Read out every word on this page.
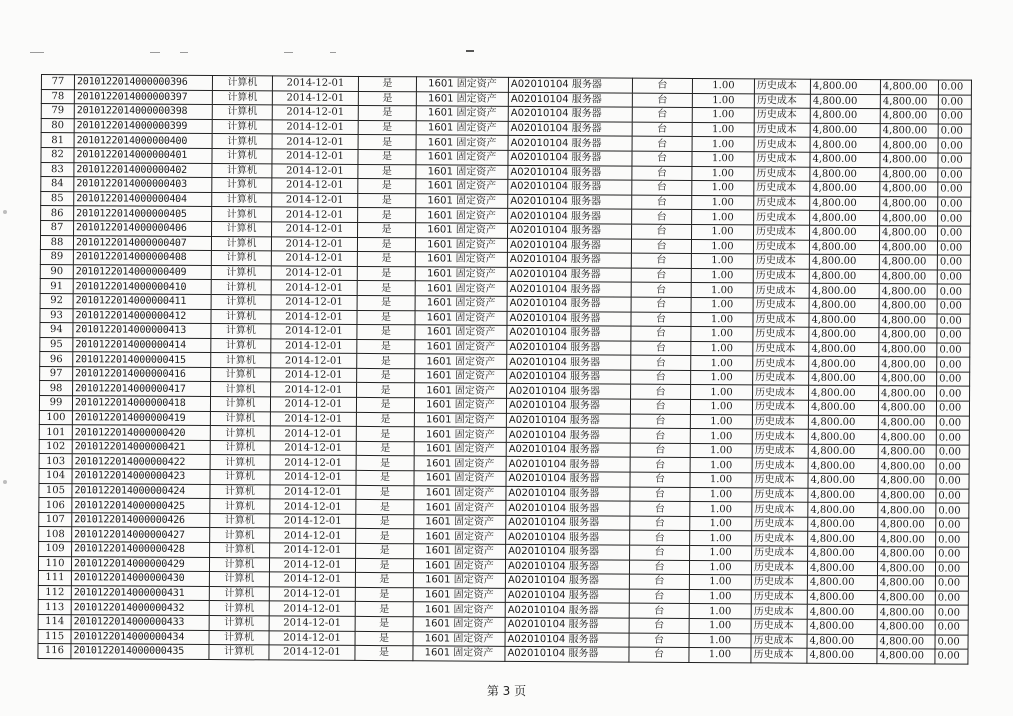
77	2010122014000000396	计算机	2014-12-01	是	1601 固定资产	A02010104 服务器	台	1.00	历史成本	4,800.00	4,800.00	0.00
78	2010122014000000397	计算机	2014-12-01	是	1601 固定资产	A02010104 服务器	台	1.00	历史成本	4,800.00	4,800.00	0.00
79	2010122014000000398	计算机	2014-12-01	是	1601 固定资产	A02010104 服务器	台	1.00	历史成本	4,800.00	4,800.00	0.00
80	2010122014000000399	计算机	2014-12-01	是	1601 固定资产	A02010104 服务器	台	1.00	历史成本	4,800.00	4,800.00	0.00
81	2010122014000000400	计算机	2014-12-01	是	1601 固定资产	A02010104 服务器	台	1.00	历史成本	4,800.00	4,800.00	0.00
82	2010122014000000401	计算机	2014-12-01	是	1601 固定资产	A02010104 服务器	台	1.00	历史成本	4,800.00	4,800.00	0.00
83	2010122014000000402	计算机	2014-12-01	是	1601 固定资产	A02010104 服务器	台	1.00	历史成本	4,800.00	4,800.00	0.00
84	2010122014000000403	计算机	2014-12-01	是	1601 固定资产	A02010104 服务器	台	1.00	历史成本	4,800.00	4,800.00	0.00
85	2010122014000000404	计算机	2014-12-01	是	1601 固定资产	A02010104 服务器	台	1.00	历史成本	4,800.00	4,800.00	0.00
86	2010122014000000405	计算机	2014-12-01	是	1601 固定资产	A02010104 服务器	台	1.00	历史成本	4,800.00	4,800.00	0.00
87	2010122014000000406	计算机	2014-12-01	是	1601 固定资产	A02010104 服务器	台	1.00	历史成本	4,800.00	4,800.00	0.00
88	2010122014000000407	计算机	2014-12-01	是	1601 固定资产	A02010104 服务器	台	1.00	历史成本	4,800.00	4,800.00	0.00
89	2010122014000000408	计算机	2014-12-01	是	1601 固定资产	A02010104 服务器	台	1.00	历史成本	4,800.00	4,800.00	0.00
90	2010122014000000409	计算机	2014-12-01	是	1601 固定资产	A02010104 服务器	台	1.00	历史成本	4,800.00	4,800.00	0.00
91	2010122014000000410	计算机	2014-12-01	是	1601 固定资产	A02010104 服务器	台	1.00	历史成本	4,800.00	4,800.00	0.00
92	2010122014000000411	计算机	2014-12-01	是	1601 固定资产	A02010104 服务器	台	1.00	历史成本	4,800.00	4,800.00	0.00
93	2010122014000000412	计算机	2014-12-01	是	1601 固定资产	A02010104 服务器	台	1.00	历史成本	4,800.00	4,800.00	0.00
94	2010122014000000413	计算机	2014-12-01	是	1601 固定资产	A02010104 服务器	台	1.00	历史成本	4,800.00	4,800.00	0.00
95	2010122014000000414	计算机	2014-12-01	是	1601 固定资产	A02010104 服务器	台	1.00	历史成本	4,800.00	4,800.00	0.00
96	2010122014000000415	计算机	2014-12-01	是	1601 固定资产	A02010104 服务器	台	1.00	历史成本	4,800.00	4,800.00	0.00
97	2010122014000000416	计算机	2014-12-01	是	1601 固定资产	A02010104 服务器	台	1.00	历史成本	4,800.00	4,800.00	0.00
98	2010122014000000417	计算机	2014-12-01	是	1601 固定资产	A02010104 服务器	台	1.00	历史成本	4,800.00	4,800.00	0.00
99	2010122014000000418	计算机	2014-12-01	是	1601 固定资产	A02010104 服务器	台	1.00	历史成本	4,800.00	4,800.00	0.00
100	2010122014000000419	计算机	2014-12-01	是	1601 固定资产	A02010104 服务器	台	1.00	历史成本	4,800.00	4,800.00	0.00
101	2010122014000000420	计算机	2014-12-01	是	1601 固定资产	A02010104 服务器	台	1.00	历史成本	4,800.00	4,800.00	0.00
102	2010122014000000421	计算机	2014-12-01	是	1601 固定资产	A02010104 服务器	台	1.00	历史成本	4,800.00	4,800.00	0.00
103	2010122014000000422	计算机	2014-12-01	是	1601 固定资产	A02010104 服务器	台	1.00	历史成本	4,800.00	4,800.00	0.00
104	2010122014000000423	计算机	2014-12-01	是	1601 固定资产	A02010104 服务器	台	1.00	历史成本	4,800.00	4,800.00	0.00
105	2010122014000000424	计算机	2014-12-01	是	1601 固定资产	A02010104 服务器	台	1.00	历史成本	4,800.00	4,800.00	0.00
106	2010122014000000425	计算机	2014-12-01	是	1601 固定资产	A02010104 服务器	台	1.00	历史成本	4,800.00	4,800.00	0.00
107	2010122014000000426	计算机	2014-12-01	是	1601 固定资产	A02010104 服务器	台	1.00	历史成本	4,800.00	4,800.00	0.00
108	2010122014000000427	计算机	2014-12-01	是	1601 固定资产	A02010104 服务器	台	1.00	历史成本	4,800.00	4,800.00	0.00
109	2010122014000000428	计算机	2014-12-01	是	1601 固定资产	A02010104 服务器	台	1.00	历史成本	4,800.00	4,800.00	0.00
110	2010122014000000429	计算机	2014-12-01	是	1601 固定资产	A02010104 服务器	台	1.00	历史成本	4,800.00	4,800.00	0.00
111	2010122014000000430	计算机	2014-12-01	是	1601 固定资产	A02010104 服务器	台	1.00	历史成本	4,800.00	4,800.00	0.00
112	2010122014000000431	计算机	2014-12-01	是	1601 固定资产	A02010104 服务器	台	1.00	历史成本	4,800.00	4,800.00	0.00
113	2010122014000000432	计算机	2014-12-01	是	1601 固定资产	A02010104 服务器	台	1.00	历史成本	4,800.00	4,800.00	0.00
114	2010122014000000433	计算机	2014-12-01	是	1601 固定资产	A02010104 服务器	台	1.00	历史成本	4,800.00	4,800.00	0.00
115	2010122014000000434	计算机	2014-12-01	是	1601 固定资产	A02010104 服务器	台	1.00	历史成本	4,800.00	4,800.00	0.00
116	2010122014000000435	计算机	2014-12-01	是	1601 固定资产	A02010104 服务器	台	1.00	历史成本	4,800.00	4,800.00	0.00
第 3 页
